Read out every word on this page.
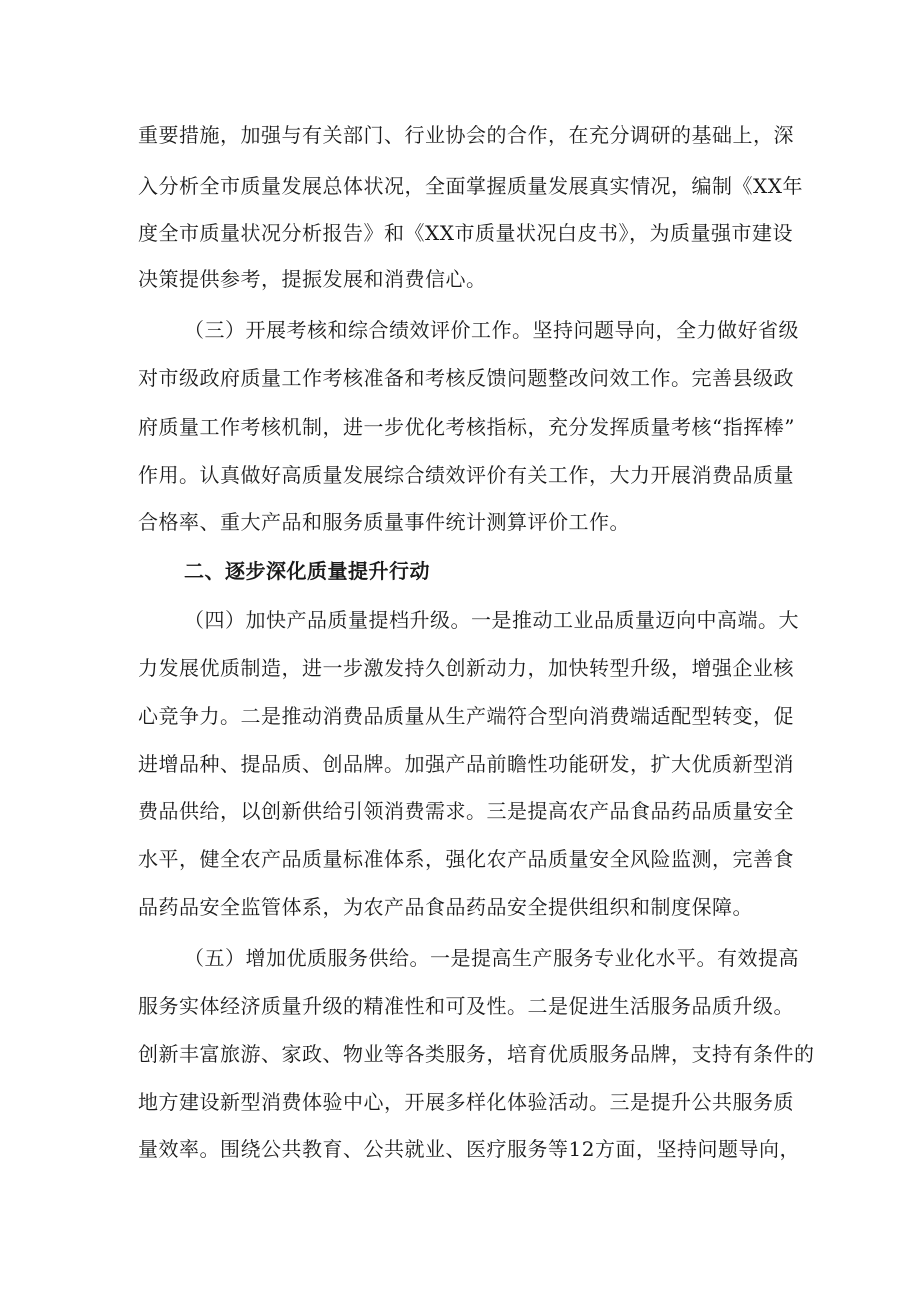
重要措施，加强与有关部门、行业协会的合作，在充分调研的基础上，深
入分析全市质量发展总体状况，全面掌握质量发展真实情况，编制《XX年
度全市质量状况分析报告》和《XX市质量状况白皮书》，为质量强市建设
决策提供参考，提振发展和消费信心。
（三）开展考核和综合绩效评价工作。坚持问题导向，全力做好省级
对市级政府质量工作考核准备和考核反馈问题整改问效工作。完善县级政
府质量工作考核机制，进一步优化考核指标，充分发挥质量考核“指挥棒”
作用。认真做好高质量发展综合绩效评价有关工作，大力开展消费品质量
合格率、重大产品和服务质量事件统计测算评价工作。
二、逐步深化质量提升行动
（四）加快产品质量提档升级。一是推动工业品质量迈向中高端。大
力发展优质制造，进一步激发持久创新动力，加快转型升级，增强企业核
心竞争力。二是推动消费品质量从生产端符合型向消费端适配型转变，促
进增品种、提品质、创品牌。加强产品前瞻性功能研发，扩大优质新型消
费品供给，以创新供给引领消费需求。三是提高农产品食品药品质量安全
水平，健全农产品质量标准体系，强化农产品质量安全风险监测，完善食
品药品安全监管体系，为农产品食品药品安全提供组织和制度保障。
（五）增加优质服务供给。一是提高生产服务专业化水平。有效提高
服务实体经济质量升级的精准性和可及性。二是促进生活服务品质升级。
创新丰富旅游、家政、物业等各类服务，培育优质服务品牌，支持有条件的
地方建设新型消费体验中心，开展多样化体验活动。三是提升公共服务质
量效率。围绕公共教育、公共就业、医疗服务等12方面，坚持问题导向，
